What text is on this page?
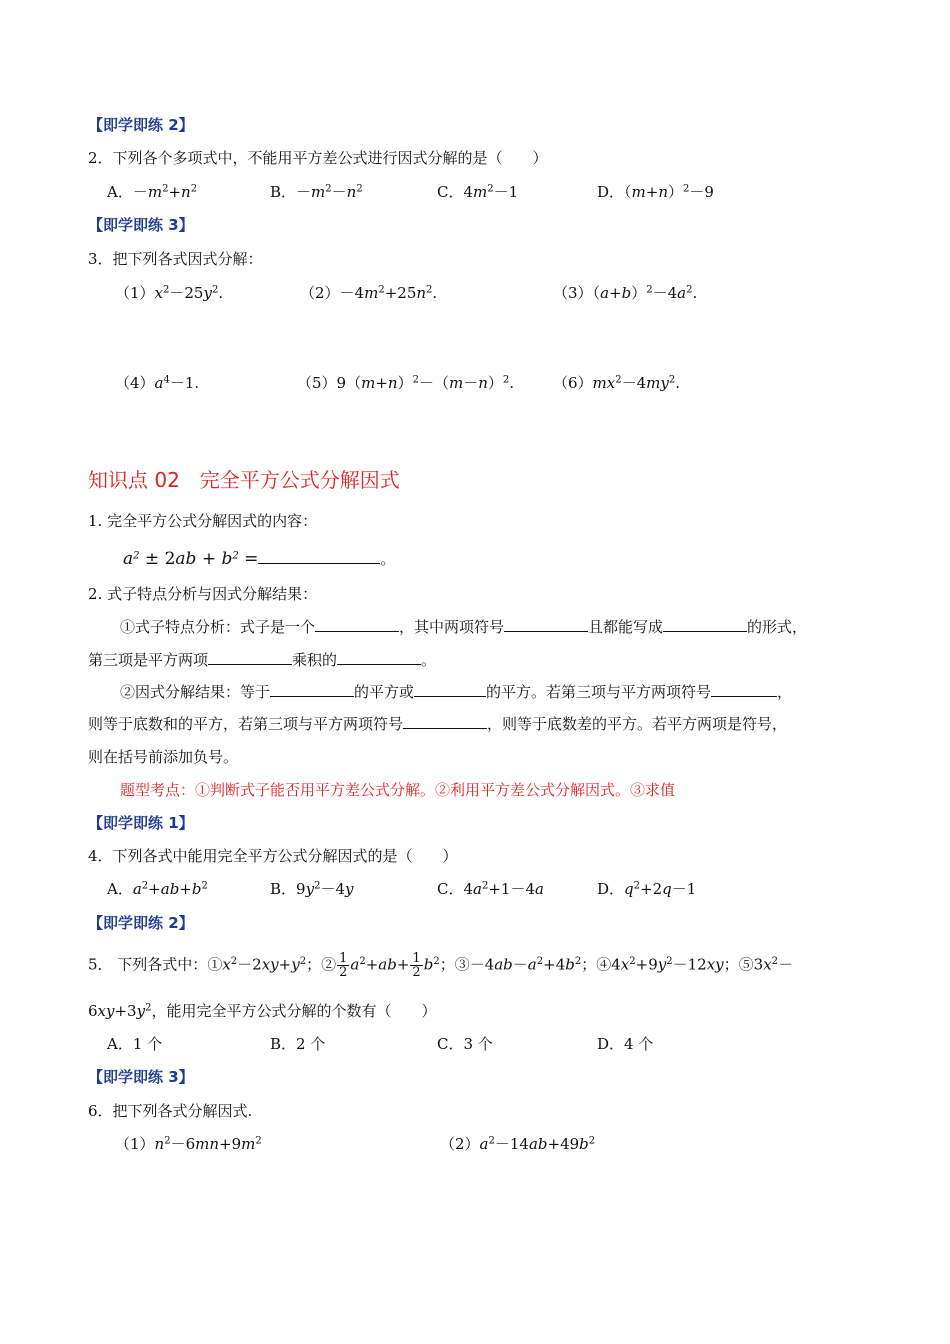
【即学即练 2】
2．下列各个多项式中，不能用平方差公式进行因式分解的是（　　）
A．$-m^2+n^2$	B．$-m^2-n^2$	C．$4m^2-1$	D．$(m+n)^2-9$
【即学即练 3】
3．把下列各式因式分解：
$(1)x^2-25y^2$.	$(2)-4m^2+25n^2$.	$(3)(a+b)^2-4a^2$.
$(4)a^4-1$.	$(5)9(m+n)^2-(m-n)^2$.	$(6)mx^2-4my^2$.
知识点 02　完全平方公式分解因式
1. 完全平方公式分解因式的内容：
$a^2 \pm 2ab + b^2$ =	。
2. 式子特点分析与因式分解结果：
①式子特点分析：式子是一个	，其中两项符号	且都能写成	的形式，
第三项是平方两项	乘积的	。
②因式分解结果：等于	的平方或	的平方。若第三项与平方两项符号	，
则等于底数和的平方，若第三项与平方两项符号	，则等于底数差的平方。若平方两项是符号，
则在括号前添加负号。
题型考点：①判断式子能否用平方差公式分解。②利用平方差公式分解因式。③求值
【即学即练 1】
4．下列各式中能用完全平方公式分解因式的是（　　）
A．$a^2+ab+b^2$	B．$9y^2-4y$	C．$4a^2+1-4a$	D．$q^2+2q-1$
【即学即练 2】
5． 下列各式中：$①x^2-2xy+y^2$；② $\frac{1}{2} a^2+ab+ \frac{1}{2} b^2$；$③-4ab-a^2+4b^2$；$④4x^2+9y^2-12xy$；$⑤3x^2-$
$6xy+3y^2$，能用完全平方公式分解的个数有（　　）
A．1 个	B．2 个	C．3 个	D．4 个
【即学即练 3】
6．把下列各式分解因式.
$(1)n^2-6mn+9m^2$	$(2)a^2-14ab+49b^2$
